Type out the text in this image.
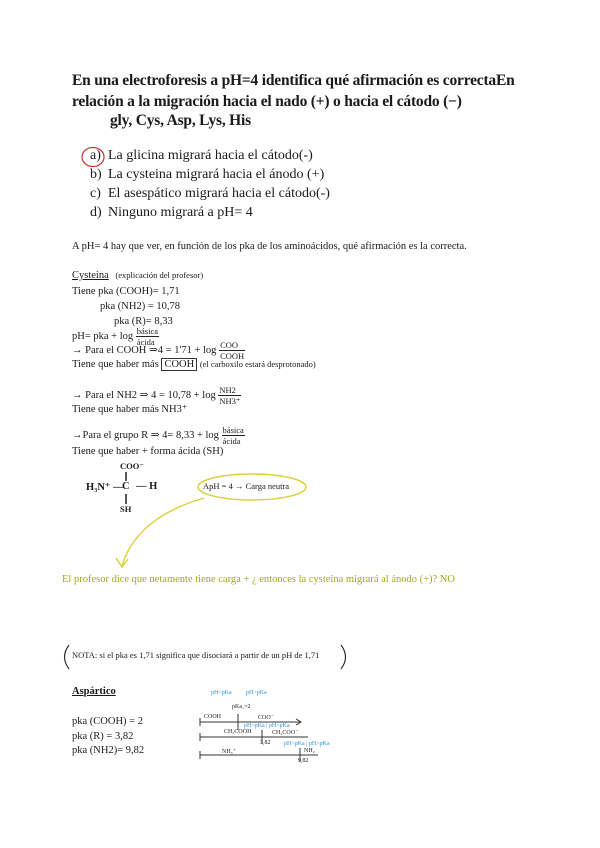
En una electroforesis a pH=4 identifica qué afirmación es correctaEn
relación a la migración hacia el nado (+) o hacia el cátodo (−)
gly, Cys, Asp, Lys, His
a) La glicina migrará hacia el cátodo(-)
b) La cysteina migrará hacia el ánodo (+)
c) El asespático migrará hacia el cátodo(-)
d) Ninguno migrará a pH= 4
A pH= 4 hay que ver, en función de los pka de los aminoácidos, qué afirmación es la correcta.
Cysteina (explicación del profesor)
Tiene pka (COOH)= 1,71
pka (NH2) = 10,78
pka (R)= 8,33
pH= pka + $\log \frac{\text{básica}}{\text{ácida}}$
→ Para el COOH ⇒4 = $1'71 + \log \frac{\text{COO}}{\text{COOH}}$
Tiene que haber más COOH (el carboxilo estará desprotonado)
→ Para el NH2 ⇒ $4 = 10,78 + \log \frac{NH2}{NH3^+}$
Tiene que haber más NH3⁺
→Para el grupo R ⇒ $4= 8,33 + \log \frac{\text{básica}}{\text{ácida}}$
Tiene que haber + forma ácida (SH)
COO⁻
H₃N⁺ —
C — H
SH
ApH = 4 → Carga neutra
El profesor dice que netamente tiene carga + ¿ entonces la cysteina migrará al ánodo (+)? NO
NOTA: si el pka es 1,71 significa que disociará a partir de un pH de 1,71
Aspártico
pka (COOH) = 2
pka (R) = 3,82
pka (NH2)= 9,82
pH<pKa pH>pKa
pKa₁=2
pH<pKa | pH>pKa
pH<pKa | pH>pKa
COOH	COO⁻
CH₂COOH	CH₂COO⁻
3,82
NH₃⁺	NH₂
9,82
